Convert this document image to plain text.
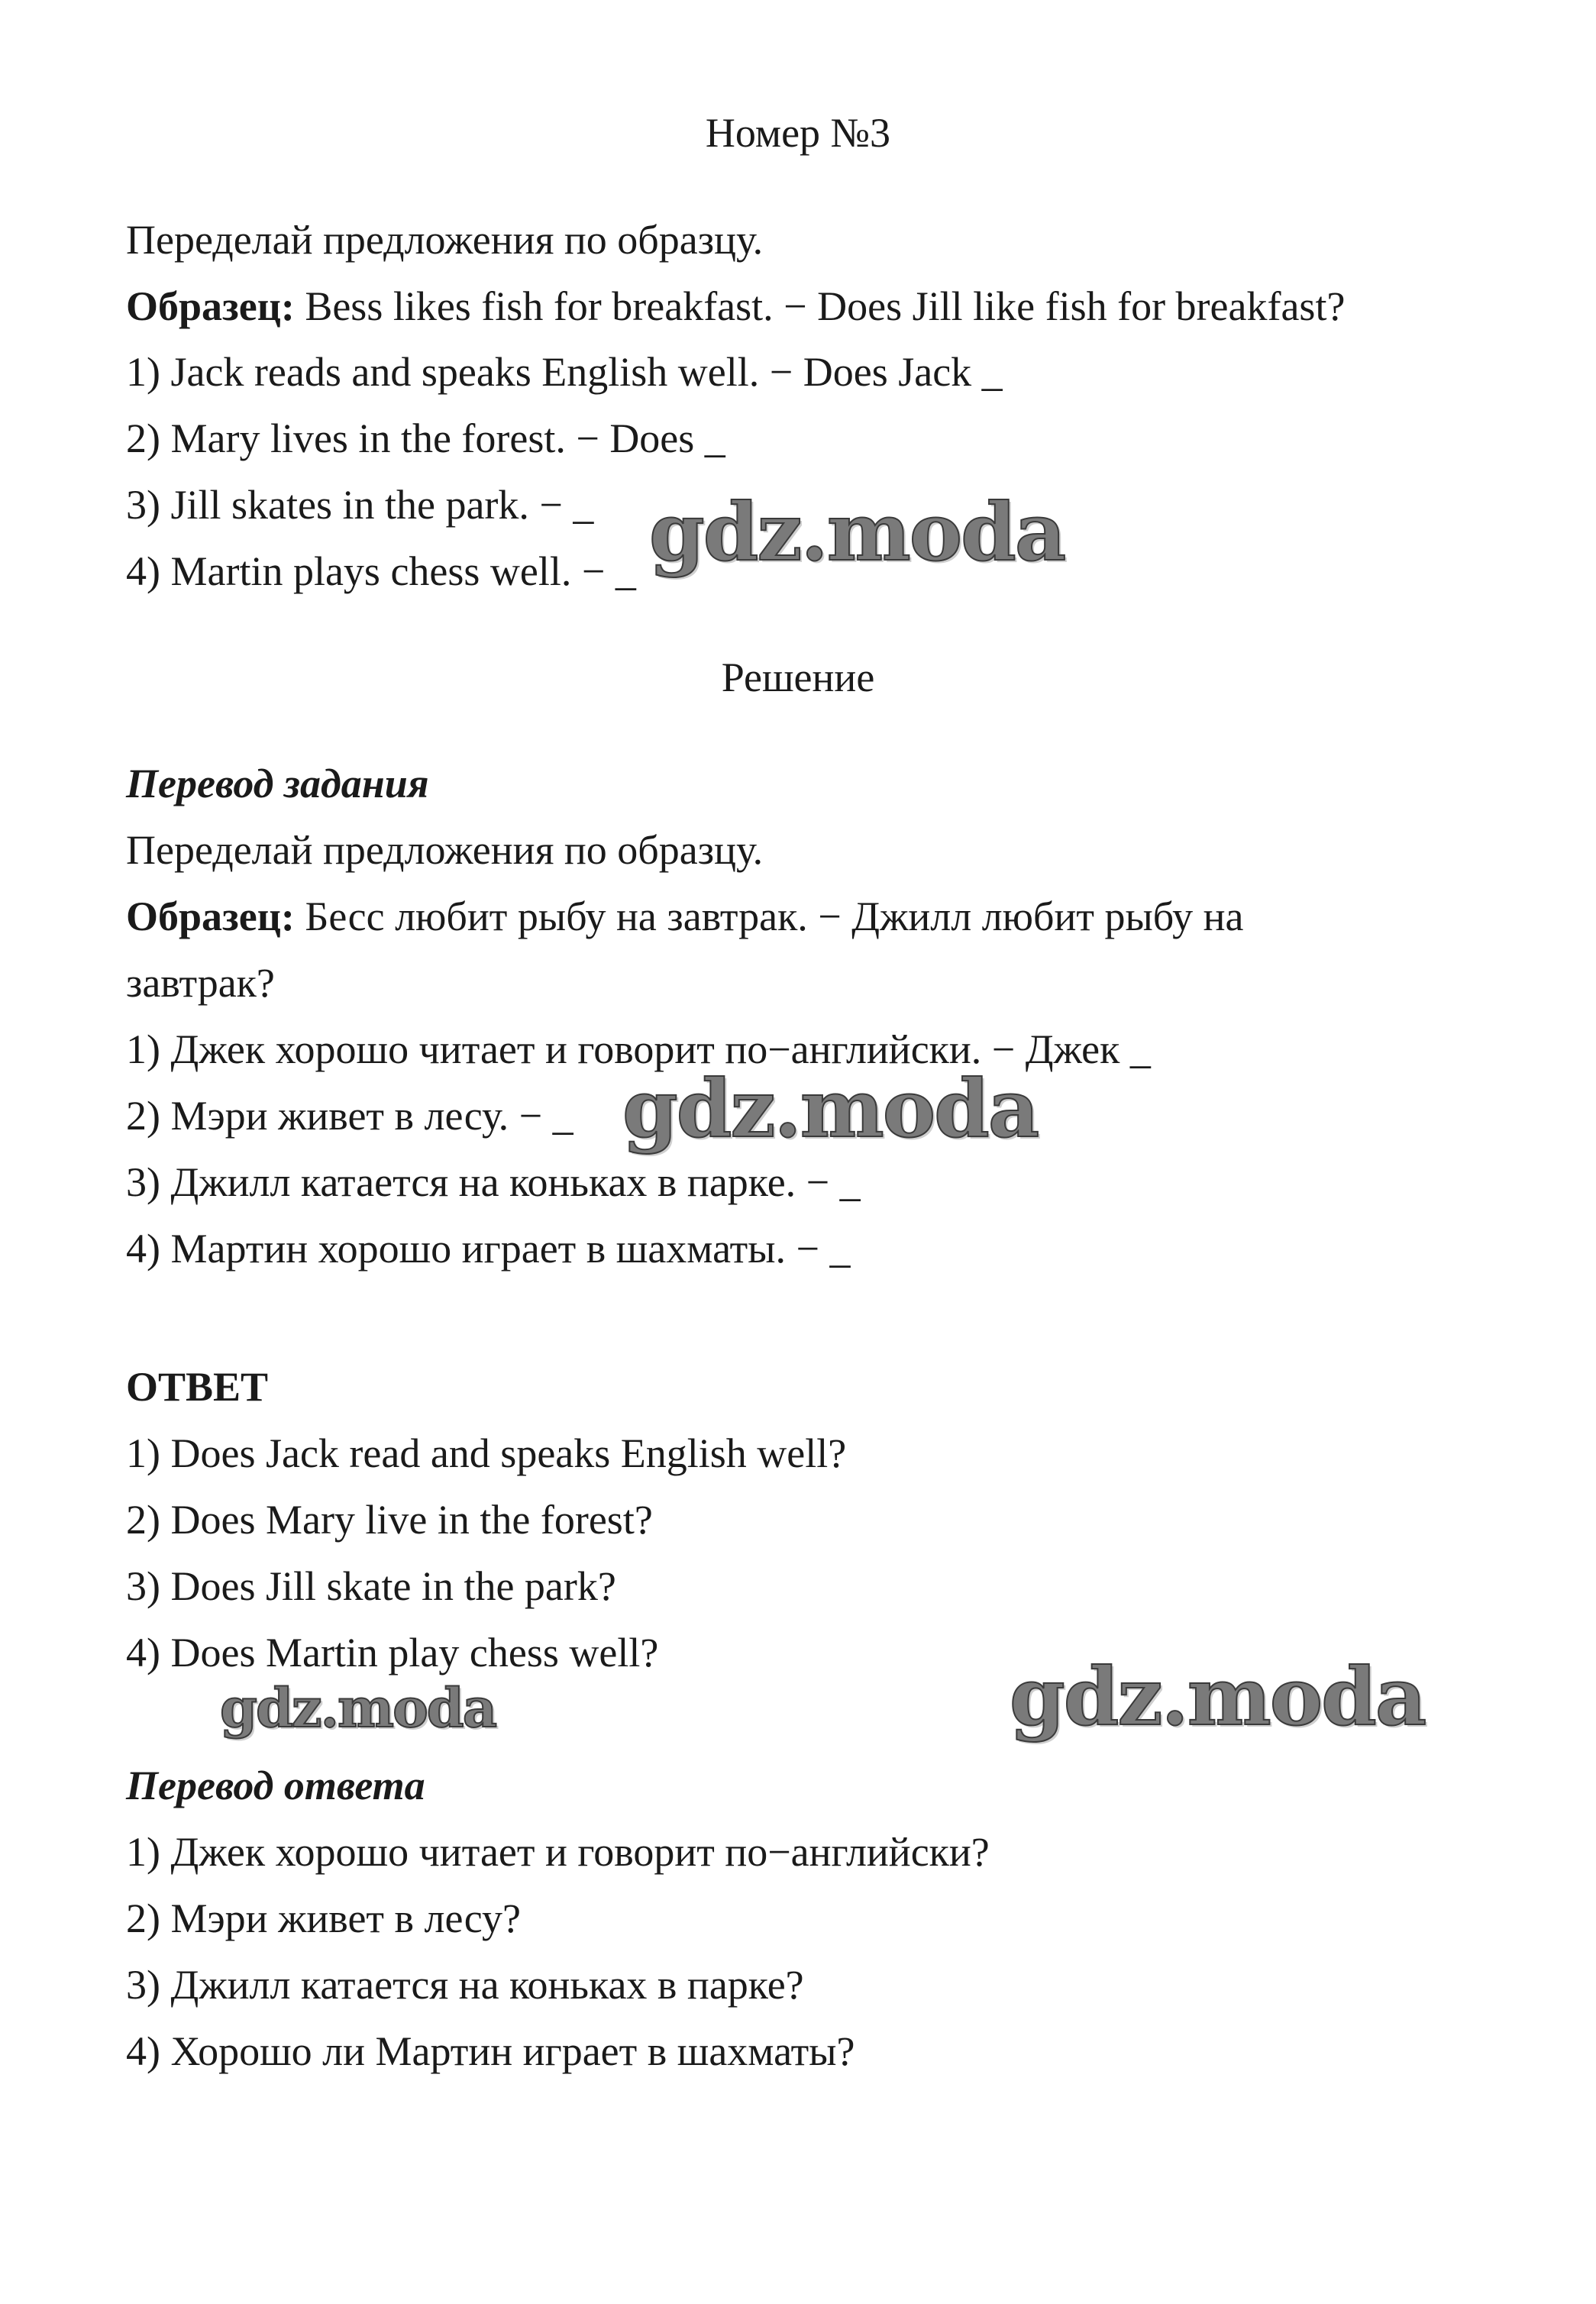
Номер №3
Переделай предложения по образцу.
Образец: Bess likes fish for breakfast. − Does Jill like fish for breakfast?
1) Jack reads and speaks English well. − Does Jack _
2) Mary lives in the forest. − Does _
3) Jill skates in the park. − _
4) Martin plays chess well. − _
Решение
Перевод задания
Переделай предложения по образцу.
Образец: Бесс любит рыбу на завтрак. − Джилл любит рыбу на
завтрак?
1) Джек хорошо читает и говорит по−английски. − Джек _
2) Мэри живет в лесу. − _
3) Джилл катается на коньках в парке. − _
4) Мартин хорошо играет в шахматы. − _
ОТВЕТ
1) Does Jack read and speaks English well?
2) Does Mary live in the forest?
3) Does Jill skate in the park?
4) Does Martin play chess well?
Перевод ответа
1) Джек хорошо читает и говорит по−английски?
2) Мэри живет в лесу?
3) Джилл катается на коньках в парке?
4) Хорошо ли Мартин играет в шахматы?
gdz.moda
gdz.moda
gdz.moda	gdz.moda
